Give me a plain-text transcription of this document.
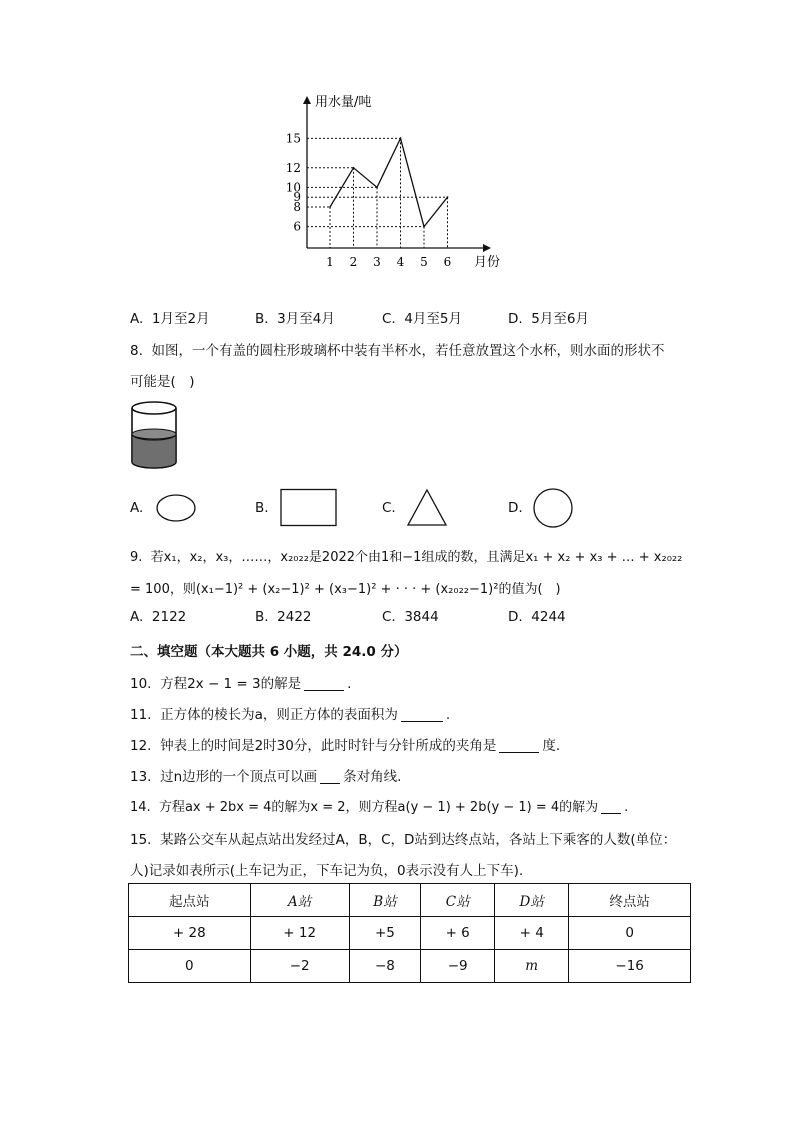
用水量/吨
月份
1 2 3 4 5 6
6
8
9
10
12
15
A. 1月至2月	B. 3月至4月	C. 4月至5月	D. 5月至6月
8. 如图，一个有盖的圆柱形玻璃杯中装有半杯水，若任意放置这个水杯，则水面的形状不
可能是(　)
A.	B.	C.	D.
9. 若x₁，x₂，x₃，……，x₂₀₂₂是2022个由1和−1组成的数，且满足x₁ + x₂ + x₃ + … + x₂₀₂₂
= 100，则(x₁−1)² + (x₂−1)² + (x₃−1)² + · · · + (x₂₀₂₂−1)²的值为(　)
A. 2122	B. 2422	C. 3844	D. 4244
二、填空题（本大题共 6 小题，共 24.0 分）
10. 方程2x − 1 = 3的解是	.
11. 正方体的棱长为a，则正方体的表面积为	.
12. 钟表上的时间是2时30分，此时时针与分针所成的夹角是	度.
13. 过n边形的一个顶点可以画 条对角线.
14. 方程ax + 2bx = 4的解为x = 2，则方程a(y − 1) + 2b(y − 1) = 4的解为 .
15. 某路公交车从起点站出发经过A，B，C，D站到达终点站，各站上下乘客的人数(单位：
人)记录如表所示(上车记为正，下车记为负，0表示没有人上下车).
起点站	A站	B站	C站	D站	终点站
+ 28	+ 12	+5	+ 6	+ 4	0
0	−2	−8	−9	m	−16
